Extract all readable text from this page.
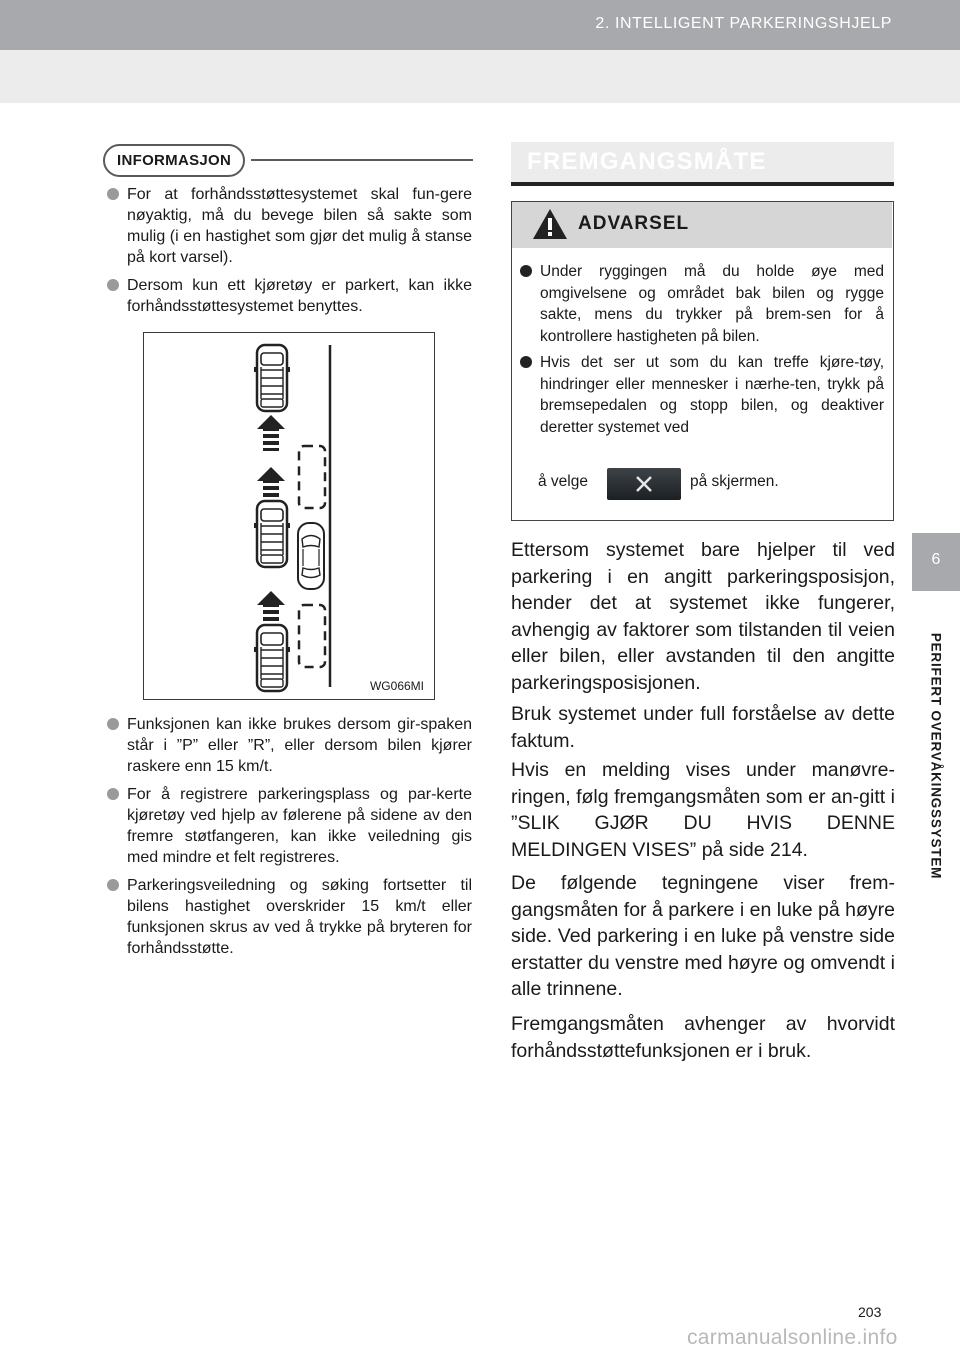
2. INTELLIGENT PARKERINGSHJELP
6
PERIFERT OVERVÅKINGSSYSTEM
INFORMASJON
For at forhåndsstøttesystemet skal fun-gere nøyaktig, må du bevege bilen så sakte som mulig (i en hastighet som gjør det mulig å stanse på kort varsel).
Dersom kun ett kjøretøy er parkert, kan ikke forhåndsstøttesystemet benyttes.
WG066MI
Funksjonen kan ikke brukes dersom gir-spaken står i ”P” eller ”R”, eller dersom bilen kjører raskere enn 15 km/t.
For å registrere parkeringsplass og par-kerte kjøretøy ved hjelp av følerene på sidene av den fremre støtfangeren, kan ikke veiledning gis med mindre et felt registreres.
Parkeringsveiledning og søking fortsetter til bilens hastighet overskrider 15 km/t eller funksjonen skrus av ved å trykke på bryteren for forhåndsstøtte.
FREMGANGSMÅTE
ADVARSEL
Under ryggingen må du holde øye med omgivelsene og området bak bilen og rygge sakte, mens du trykker på brem-sen for å kontrollere hastigheten på bilen.
Hvis det ser ut som du kan treffe kjøre-tøy, hindringer eller mennesker i nærhe-ten, trykk på bremsepedalen og stopp bilen, og deaktiver deretter systemet ved
å velge	på skjermen.

Ettersom systemet bare hjelper til ved parkering i en angitt parkeringsposisjon, hender det at systemet ikke fungerer, avhengig av faktorer som tilstanden til veien eller bilen, eller avstanden til den angitte parkeringsposisjonen.

Bruk systemet under full forståelse av dette faktum.

Hvis en melding vises under manøvre-ringen, følg fremgangsmåten som er an-gitt i ”SLIK GJØR DU HVIS DENNE MELDINGEN VISES” på side 214.

De følgende tegningene viser frem-gangsmåten for å parkere i en luke på høyre side. Ved parkering i en luke på venstre side erstatter du venstre med høyre og omvendt i alle trinnene.

Fremgangsmåten avhenger av hvorvidt forhåndsstøttefunksjonen er i bruk.

203
carmanualsonline.info
